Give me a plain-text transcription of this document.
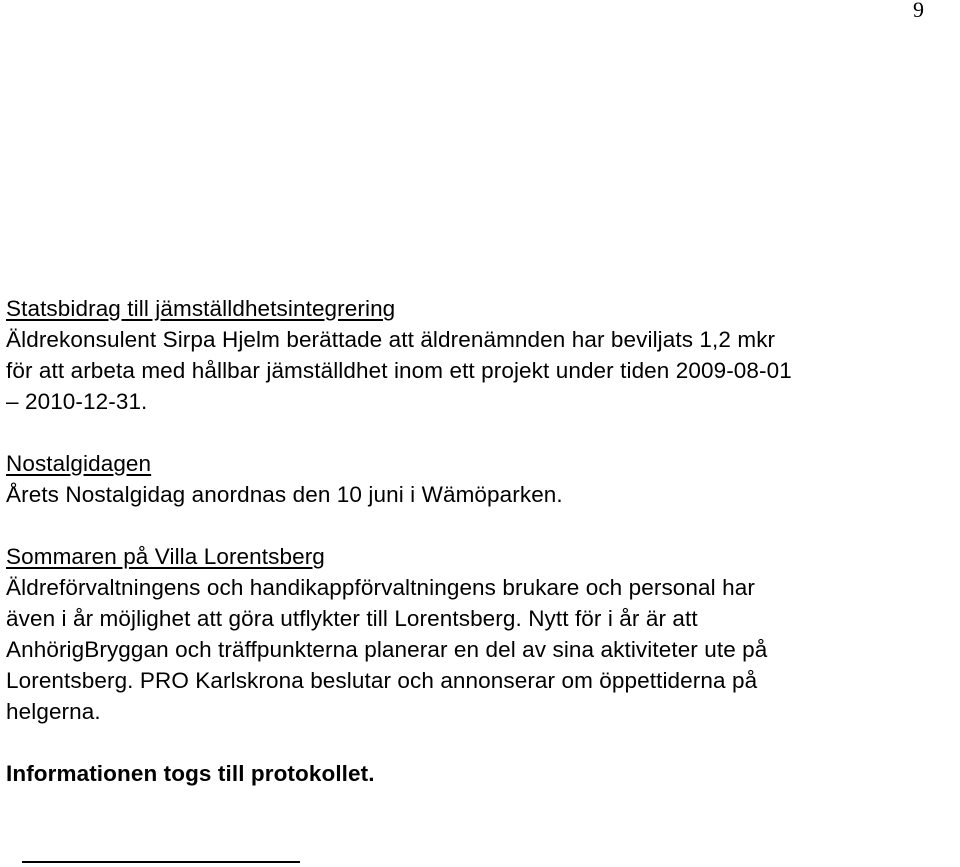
9
Statsbidrag till jämställdhetsintegrering

Äldrekonsulent Sirpa Hjelm berättade att äldrenämnden har beviljats 1,2 mkr
för att arbeta med hållbar jämställdhet inom ett projekt under tiden 2009-08-01
– 2010-12-31.

Nostalgidagen

Årets Nostalgidag anordnas den 10 juni i Wämöparken.

Sommaren på Villa Lorentsberg

Äldreförvaltningens och handikappförvaltningens brukare och personal har
även i år möjlighet att göra utflykter till Lorentsberg. Nytt för i år är att
AnhörigBryggan och träffpunkterna planerar en del av sina aktiviteter ute på
Lorentsberg. PRO Karlskrona beslutar och annonserar om öppettiderna på
helgerna.

Informationen togs till protokollet.
